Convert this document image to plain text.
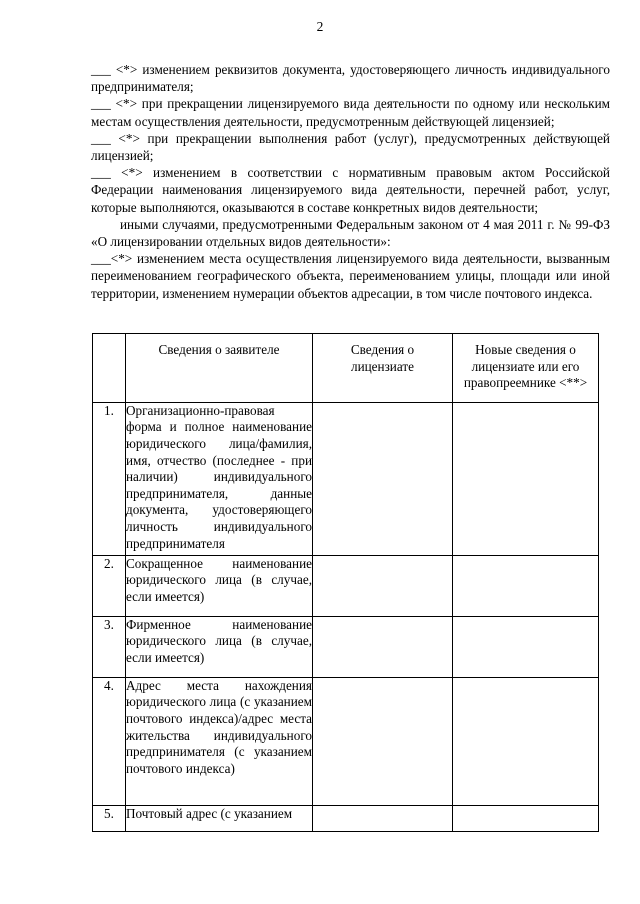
2

___ <*> изменением реквизитов документа, удостоверяющего личность индивидуального предпринимателя;

___ <*> при прекращении лицензируемого вида деятельности по одному или нескольким местам осуществления деятельности, предусмотренным действующей лицензией;

___ <*> при прекращении выполнения работ (услуг), предусмотренных действующей лицензией;

___ <*> изменением в соответствии с нормативным правовым актом Российской Федерации наименования лицензируемого вида деятельности, перечней работ, услуг, которые выполняются, оказываются в составе конкретных видов деятельности;

иными случаями, предусмотренными Федеральным законом от 4 мая 2011 г. № 99-ФЗ «О лицензировании отдельных видов деятельности»:

___<*> изменением места осуществления лицензируемого вида деятельности, вызванным переименованием географического объекта, переименованием улицы, площади или иной территории, изменением нумерации объектов адресации, в том числе почтового индекса.

	Сведения о заявителе	Сведения о лицензиате	Новые сведения о лицензиате или его правопреемнике <**>
1.	Организационно-правовая форма и полное наименование юридического лица/фамилия, имя, отчество (последнее - при наличии) индивидуального предпринимателя, данные документа, удостоверяющего личность индивидуального предпринимателя		
2.	Сокращенное наименование юридического лица (в случае, если имеется)		
3.	Фирменное наименование юридического лица (в случае, если имеется)		
4.	Адрес места нахождения юридического лица (с указанием почтового индекса)/адрес места жительства индивидуального предпринимателя (с указанием почтового индекса)		
5.	Почтовый адрес (с указанием		
